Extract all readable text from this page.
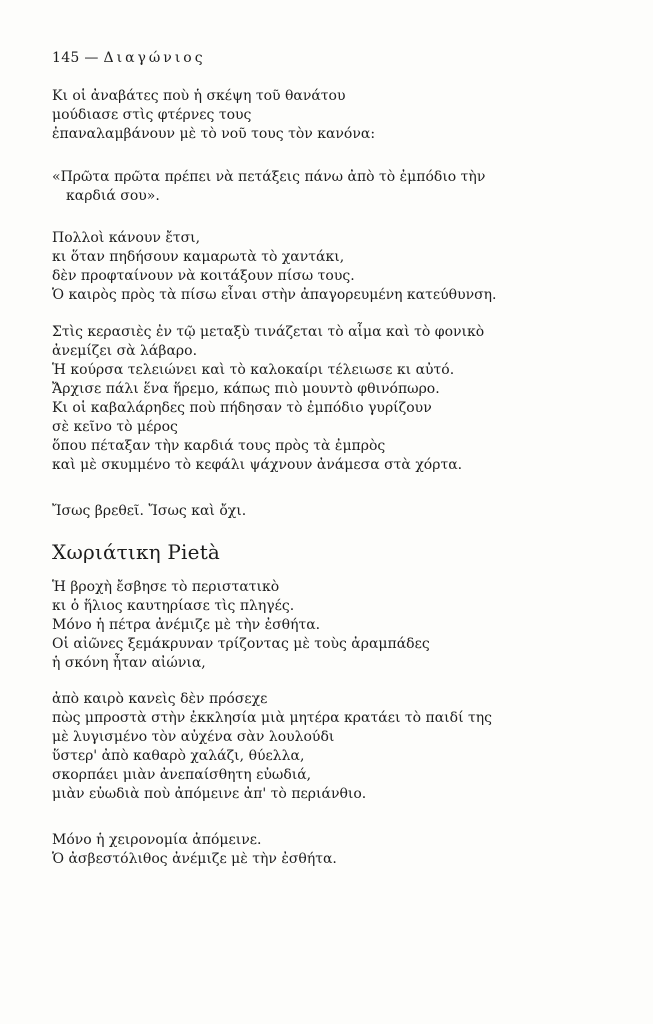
145 — Διαγώνιος
Κι οἱ ἀναβάτες ποὺ ἡ σκέψη τοῦ θανάτου
μούδιασε στὶς φτέρνες τους
ἐπαναλαμβάνουν μὲ τὸ νοῦ τους τὸν κανόνα:
«Πρῶτα πρῶτα πρέπει νὰ πετάξεις πάνω ἀπὸ τὸ ἐμπόδιο τὴν
καρδιά σου».
Πολλοὶ κάνουν ἔτσι,
κι ὅταν πηδήσουν καμαρωτὰ τὸ χαντάκι,
δὲν προφταίνουν νὰ κοιτάξουν πίσω τους.
Ὁ καιρὸς πρὸς τὰ πίσω εἶναι στὴν ἀπαγορευμένη κατεύθυνση.
Στὶς κερασιὲς ἐν τῷ μεταξὺ τινάζεται τὸ αἷμα καὶ τὸ φονικὸ
ἀνεμίζει σὰ λάβαρο.
Ἡ κούρσα τελειώνει καὶ τὸ καλοκαίρι τέλειωσε κι αὐτό.
Ἄρχισε πάλι ἕνα ἥρεμο, κάπως πιὸ μουντὸ φθινόπωρο.
Κι οἱ καβαλάρηδες ποὺ πήδησαν τὸ ἐμπόδιο γυρίζουν
σὲ κεῖνο τὸ μέρος
ὅπου πέταξαν τὴν καρδιά τους πρὸς τὰ ἐμπρὸς
καὶ μὲ σκυμμένο τὸ κεφάλι ψάχνουν ἀνάμεσα στὰ χόρτα.
Ἴσως βρεθεῖ. Ἴσως καὶ ὄχι.
Χωριάτικη Pietà
Ἡ βροχὴ ἔσβησε τὸ περιστατικὸ
κι ὁ ἥλιος καυτηρίασε τὶς πληγές.
Μόνο ἡ πέτρα ἀνέμιζε μὲ τὴν ἐσθήτα.
Οἱ αἰῶνες ξεμάκρυναν τρίζοντας μὲ τοὺς ἀραμπάδες
ἡ σκόνη ἦταν αἰώνια,
ἀπὸ καιρὸ κανεὶς δὲν πρόσεχε
πὼς μπροστὰ στὴν ἐκκλησία μιὰ μητέρα κρατάει τὸ παιδί της
μὲ λυγισμένο τὸν αὐχένα σὰν λουλούδι
ὕστερ' ἀπὸ καθαρὸ χαλάζι, θύελλα,
σκορπάει μιὰν ἀνεπαίσθητη εὐωδιά,
μιὰν εὐωδιὰ ποὺ ἀπόμεινε ἀπ' τὸ περιάνθιο.
Μόνο ἡ χειρονομία ἀπόμεινε.
Ὁ ἀσβεστόλιθος ἀνέμιζε μὲ τὴν ἐσθήτα.
